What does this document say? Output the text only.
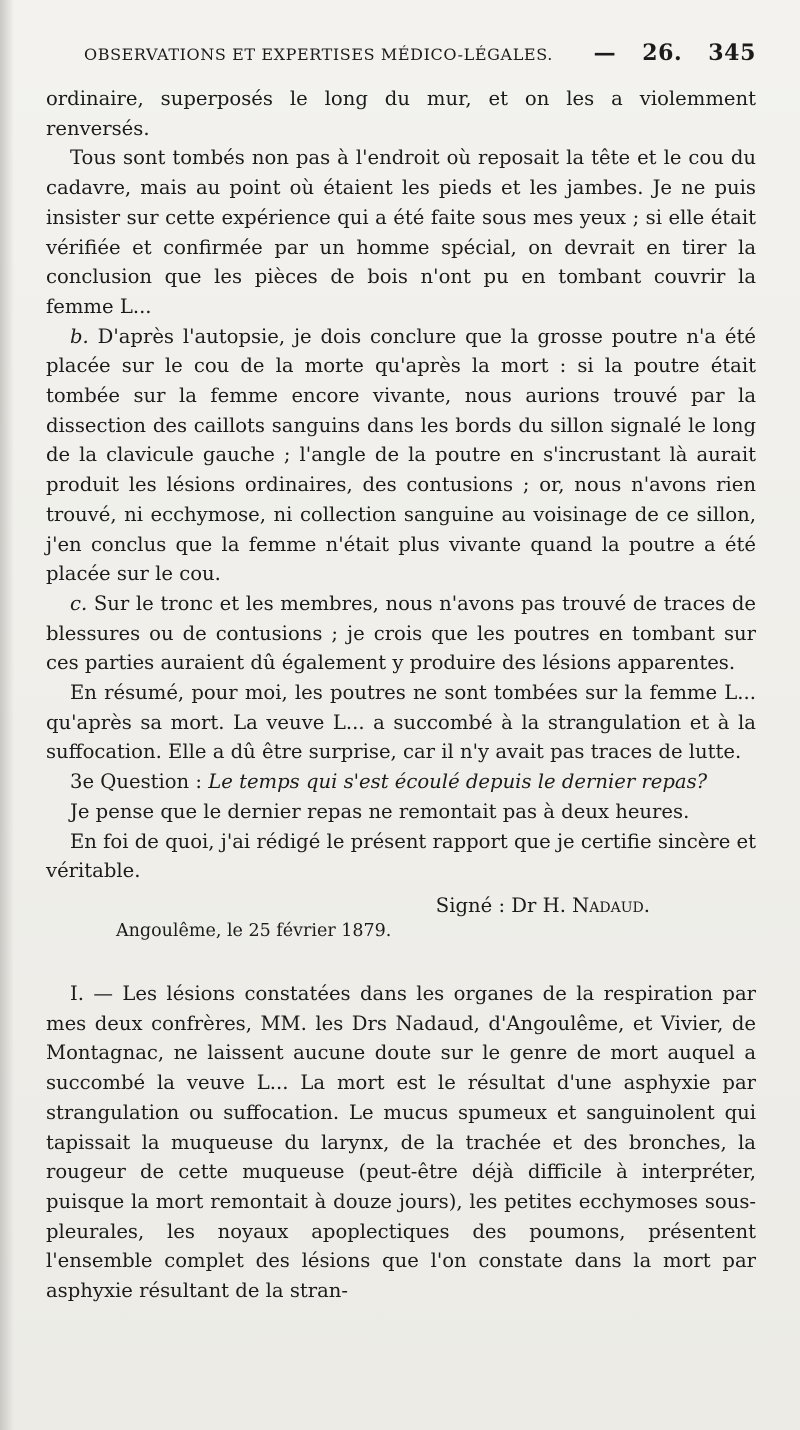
OBSERVATIONS ET EXPERTISES MÉDICO-LÉGALES. — 26. 345

ordinaire, superposés le long du mur, et on les a violemment renversés.

Tous sont tombés non pas à l'endroit où reposait la tête et le cou du cadavre, mais au point où étaient les pieds et les jambes. Je ne puis insister sur cette expérience qui a été faite sous mes yeux ; si elle était vérifiée et confirmée par un homme spécial, on devrait en tirer la conclusion que les pièces de bois n'ont pu en tombant couvrir la femme L...

b. D'après l'autopsie, je dois conclure que la grosse poutre n'a été placée sur le cou de la morte qu'après la mort : si la poutre était tombée sur la femme encore vivante, nous aurions trouvé par la dissection des caillots sanguins dans les bords du sillon signalé le long de la clavicule gauche ; l'angle de la poutre en s'incrustant là aurait produit les lésions ordinaires, des contusions ; or, nous n'avons rien trouvé, ni ecchymose, ni collection sanguine au voisinage de ce sillon, j'en conclus que la femme n'était plus vivante quand la poutre a été placée sur le cou.

c. Sur le tronc et les membres, nous n'avons pas trouvé de traces de blessures ou de contusions ; je crois que les poutres en tombant sur ces parties auraient dû également y produire des lésions apparentes.

En résumé, pour moi, les poutres ne sont tombées sur la femme L... qu'après sa mort. La veuve L... a succombé à la strangulation et à la suffocation. Elle a dû être surprise, car il n'y avait pas traces de lutte.

3e Question : Le temps qui s'est écoulé depuis le dernier repas?

Je pense que le dernier repas ne remontait pas à deux heures.

En foi de quoi, j'ai rédigé le présent rapport que je certifie sincère et véritable.

Signé : Dr H. Nadaud.
Angoulême, le 25 février 1879.

I. — Les lésions constatées dans les organes de la respiration par mes deux confrères, MM. les Drs Nadaud, d'Angoulême, et Vivier, de Montagnac, ne laissent aucune doute sur le genre de mort auquel a succombé la veuve L... La mort est le résultat d'une asphyxie par strangulation ou suffocation. Le mucus spumeux et sanguinolent qui tapissait la muqueuse du larynx, de la trachée et des bronches, la rougeur de cette muqueuse (peut-être déjà difficile à interpréter, puisque la mort remontait à douze jours), les petites ecchymoses sous-pleurales, les noyaux apoplectiques des poumons, présentent l'ensemble complet des lésions que l'on constate dans la mort par asphyxie résultant de la stran-
